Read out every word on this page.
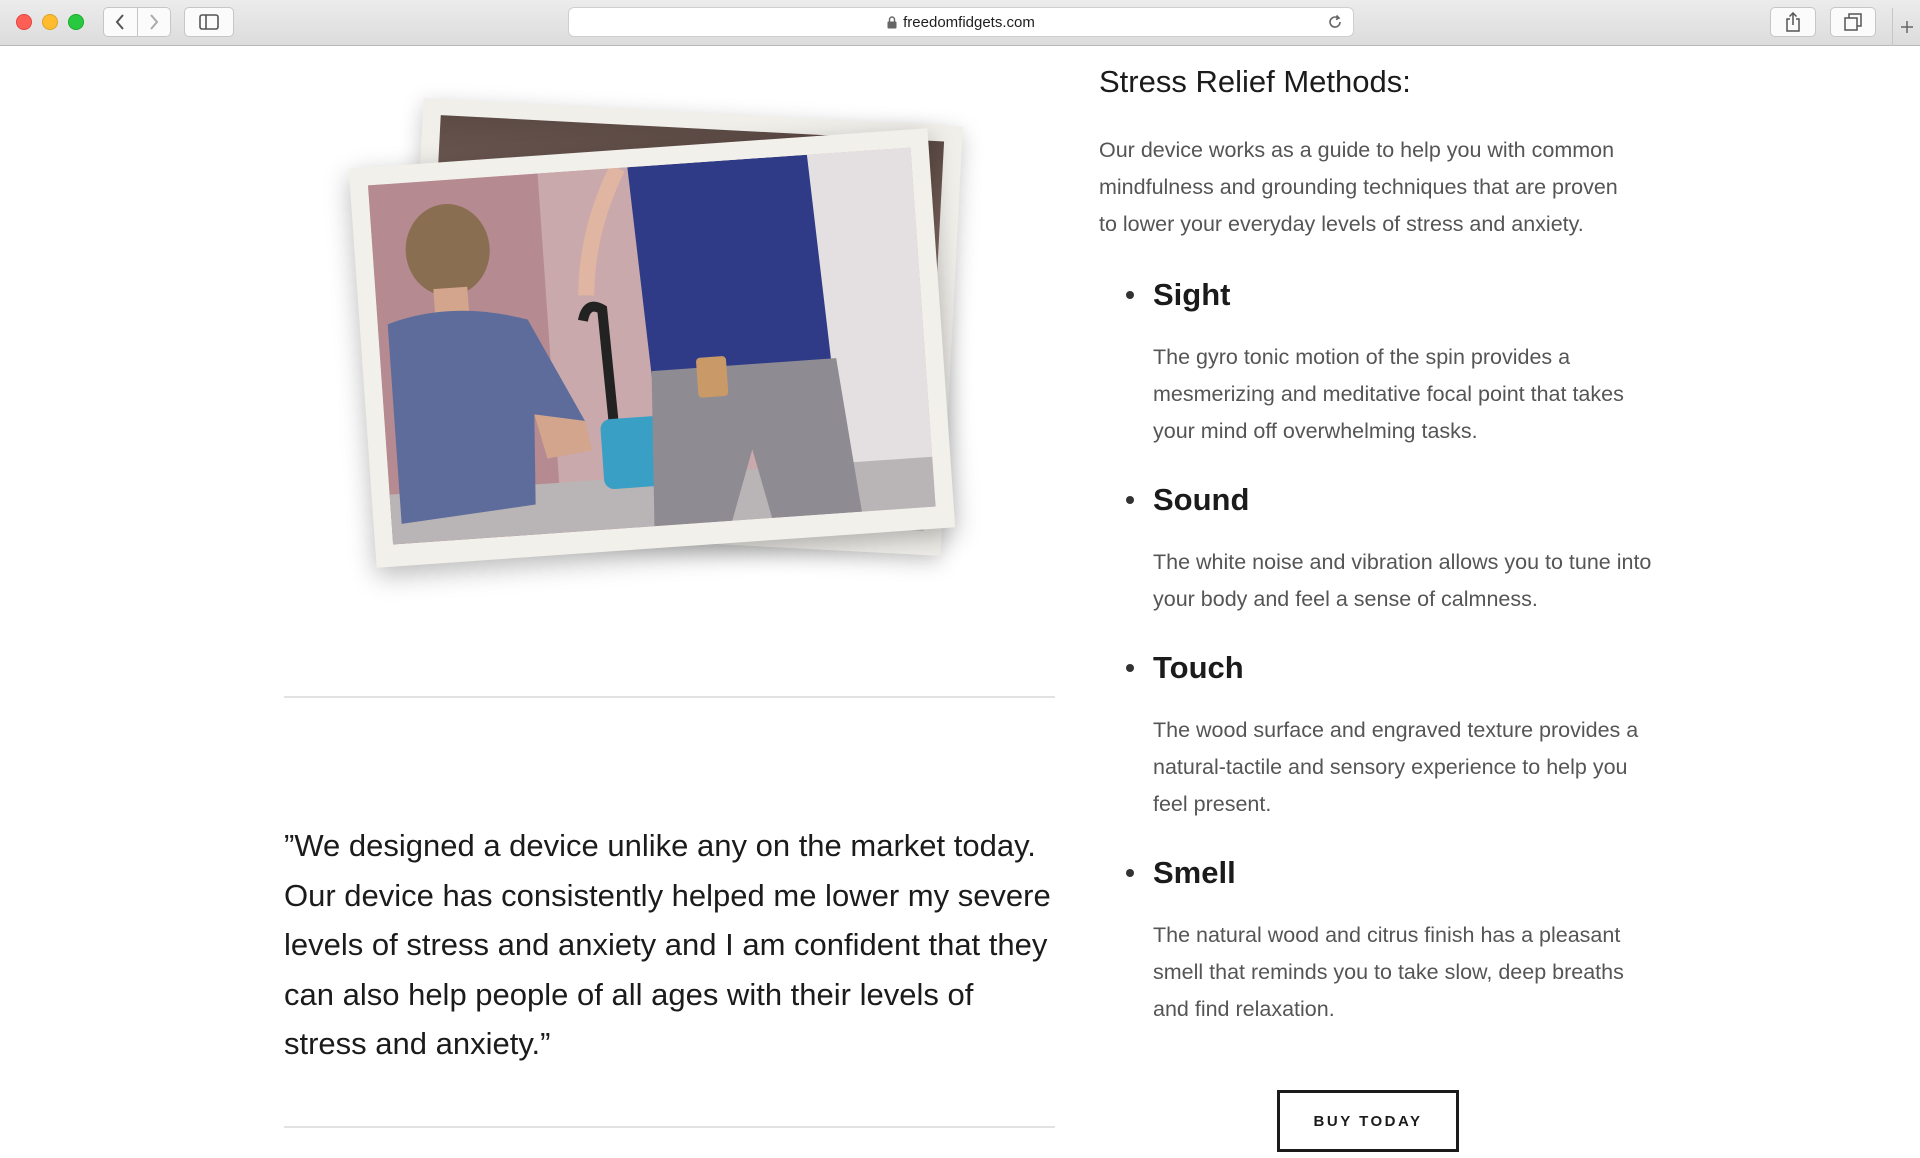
freedomfidgets.com

”We designed a device unlike any on the market today. Our device has consistently helped me lower my severe levels of stress and anxiety and I am confident that they can also help people of all ages with their levels of stress and anxiety.”

Stress Relief Methods:

Our device works as a guide to help you with common mindfulness and grounding techniques that are proven to lower your everyday levels of stress and anxiety.

Sight

The gyro tonic motion of the spin provides a mesmerizing and meditative focal point that takes your mind off overwhelming tasks.

Sound

The white noise and vibration allows you to tune into your body and feel a sense of calmness.

Touch

The wood surface and engraved texture provides a natural-tactile and sensory experience to help you feel present.

Smell

The natural wood and citrus finish has a pleasant smell that reminds you to take slow, deep breaths and find relaxation.

BUY TODAY
